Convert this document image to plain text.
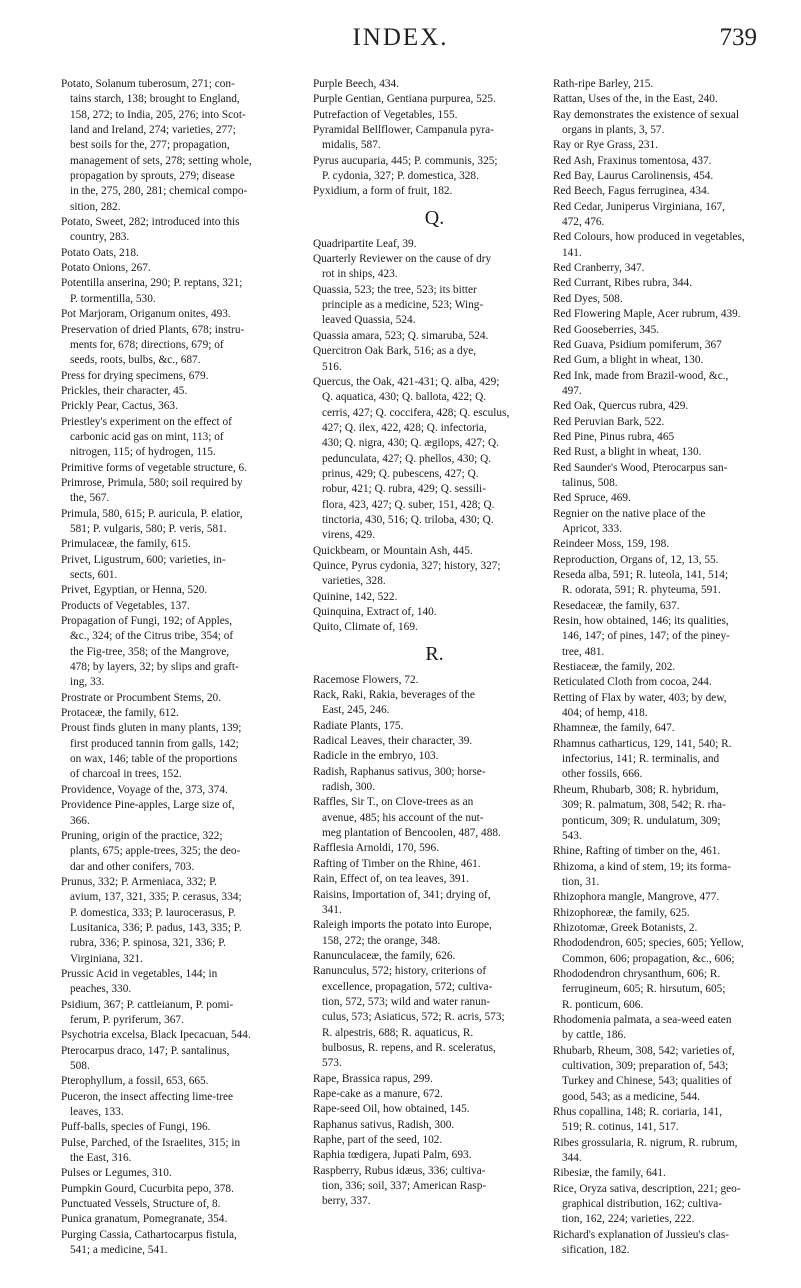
INDEX.	739
Potato, Solanum tuberosum, 271; con-
tains starch, 138; brought to England,
158, 272; to India, 205, 276; into Scot-
land and Ireland, 274; varieties, 277;
best soils for the, 277; propagation,
management of sets, 278; setting whole,
propagation by sprouts, 279; disease
in the, 275, 280, 281; chemical compo-
sition, 282.
Potato, Sweet, 282; introduced into this
country, 283.
Potato Oats, 218.
Potato Onions, 267.
Potentilla anserina, 290; P. reptans, 321;
P. tormentilla, 530.
Pot Marjoram, Origanum onites, 493.
Preservation of dried Plants, 678; instru-
ments for, 678; directions, 679; of
seeds, roots, bulbs, &c., 687.
Press for drying specimens, 679.
Prickles, their character, 45.
Prickly Pear, Cactus, 363.
Priestley's experiment on the effect of
carbonic acid gas on mint, 113; of
nitrogen, 115; of hydrogen, 115.
Primitive forms of vegetable structure, 6.
Primrose, Primula, 580; soil required by
the, 567.
Primula, 580, 615; P. auricula, P. elatior,
581; P. vulgaris, 580; P. veris, 581.
Primulaceæ, the family, 615.
Privet, Ligustrum, 600; varieties, in-
sects, 601.
Privet, Egyptian, or Henna, 520.
Products of Vegetables, 137.
Propagation of Fungi, 192; of Apples,
&c., 324; of the Citrus tribe, 354; of
the Fig-tree, 358; of the Mangrove,
478; by layers, 32; by slips and graft-
ing, 33.
Prostrate or Procumbent Stems, 20.
Protaceæ, the family, 612.
Proust finds gluten in many plants, 139;
first produced tannin from galls, 142;
on wax, 146; table of the proportions
of charcoal in trees, 152.
Providence, Voyage of the, 373, 374.
Providence Pine-apples, Large size of,
366.
Pruning, origin of the practice, 322;
plants, 675; apple-trees, 325; the deo-
dar and other conifers, 703.
Prunus, 332; P. Armeniaca, 332; P.
avium, 137, 321, 335; P. cerasus, 334;
P. domestica, 333; P. laurocerasus, P.
Lusitanica, 336; P. padus, 143, 335; P.
rubra, 336; P. spinosa, 321, 336; P.
Virginiana, 321.
Prussic Acid in vegetables, 144; in
peaches, 330.
Psidium, 367; P. cattleianum, P. pomi-
ferum, P. pyriferum, 367.
Psychotria excelsa, Black Ipecacuan, 544.
Pterocarpus draco, 147; P. santalinus,
508.
Pterophyllum, a fossil, 653, 665.
Puceron, the insect affecting lime-tree
leaves, 133.
Puff-balls, species of Fungi, 196.
Pulse, Parched, of the Israelites, 315; in
the East, 316.
Pulses or Legumes, 310.
Pumpkin Gourd, Cucurbita pepo, 378.
Punctuated Vessels, Structure of, 8.
Punica granatum, Pomegranate, 354.
Purging Cassia, Cathartocarpus fistula,
541; a medicine, 541.
Purple Beech, 434.
Purple Gentian, Gentiana purpurea, 525.
Putrefaction of Vegetables, 155.
Pyramidal Bellflower, Campanula pyra-
midalis, 587.
Pyrus aucuparia, 445; P. communis, 325;
P. cydonia, 327; P. domestica, 328.
Pyxidium, a form of fruit, 182.
Q.
Quadripartite Leaf, 39.
Quarterly Reviewer on the cause of dry
rot in ships, 423.
Quassia, 523; the tree, 523; its bitter
principle as a medicine, 523; Wing-
leaved Quassia, 524.
Quassia amara, 523; Q. simaruba, 524.
Quercitron Oak Bark, 516; as a dye,
516.
Quercus, the Oak, 421-431; Q. alba, 429;
Q. aquatica, 430; Q. ballota, 422; Q.
cerris, 427; Q. coccifera, 428; Q. esculus,
427; Q. ilex, 422, 428; Q. infectoria,
430; Q. nigra, 430; Q. ægilops, 427; Q.
pedunculata, 427; Q. phellos, 430; Q.
prinus, 429; Q. pubescens, 427; Q.
robur, 421; Q. rubra, 429; Q. sessili-
flora, 423, 427; Q. suber, 151, 428; Q.
tinctoria, 430, 516; Q. triloba, 430; Q.
virens, 429.
Quickbeam, or Mountain Ash, 445.
Quince, Pyrus cydonia, 327; history, 327;
varieties, 328.
Quinine, 142, 522.
Quinquina, Extract of, 140.
Quito, Climate of, 169.
R.
Racemose Flowers, 72.
Rack, Raki, Rakia, beverages of the
East, 245, 246.
Radiate Plants, 175.
Radical Leaves, their character, 39.
Radicle in the embryo, 103.
Radish, Raphanus sativus, 300; horse-
radish, 300.
Raffles, Sir T., on Clove-trees as an
avenue, 485; his account of the nut-
meg plantation of Bencoolen, 487, 488.
Rafflesia Arnoldi, 170, 596.
Rafting of Timber on the Rhine, 461.
Rain, Effect of, on tea leaves, 391.
Raisins, Importation of, 341; drying of,
341.
Raleigh imports the potato into Europe,
158, 272; the orange, 348.
Ranunculaceæ, the family, 626.
Ranunculus, 572; history, criterions of
excellence, propagation, 572; cultiva-
tion, 572, 573; wild and water ranun-
culus, 573; Asiaticus, 572; R. acris, 573;
R. alpestris, 688; R. aquaticus, R.
bulbosus, R. repens, and R. sceleratus,
573.
Rape, Brassica rapus, 299.
Rape-cake as a manure, 672.
Rape-seed Oil, how obtained, 145.
Raphanus sativus, Radish, 300.
Raphe, part of the seed, 102.
Raphia tœdigera, Jupati Palm, 693.
Raspberry, Rubus idæus, 336; cultiva-
tion, 336; soil, 337; American Rasp-
berry, 337.
Rath-ripe Barley, 215.
Rattan, Uses of the, in the East, 240.
Ray demonstrates the existence of sexual
organs in plants, 3, 57.
Ray or Rye Grass, 231.
Red Ash, Fraxinus tomentosa, 437.
Red Bay, Laurus Carolinensis, 454.
Red Beech, Fagus ferruginea, 434.
Red Cedar, Juniperus Virginiana, 167,
472, 476.
Red Colours, how produced in vegetables,
141.
Red Cranberry, 347.
Red Currant, Ribes rubra, 344.
Red Dyes, 508.
Red Flowering Maple, Acer rubrum, 439.
Red Gooseberries, 345.
Red Guava, Psidium pomiferum, 367
Red Gum, a blight in wheat, 130.
Red Ink, made from Brazil-wood, &c.,
497.
Red Oak, Quercus rubra, 429.
Red Peruvian Bark, 522.
Red Pine, Pinus rubra, 465
Red Rust, a blight in wheat, 130.
Red Saunder's Wood, Pterocarpus san-
talinus, 508.
Red Spruce, 469.
Regnier on the native place of the
Apricot, 333.
Reindeer Moss, 159, 198.
Reproduction, Organs of, 12, 13, 55.
Reseda alba, 591; R. luteola, 141, 514;
R. odorata, 591; R. phyteuma, 591.
Resedaceæ, the family, 637.
Resin, how obtained, 146; its qualities,
146, 147; of pines, 147; of the piney-
tree, 481.
Restiaceæ, the family, 202.
Reticulated Cloth from cocoa, 244.
Retting of Flax by water, 403; by dew,
404; of hemp, 418.
Rhamneæ, the family, 647.
Rhamnus catharticus, 129, 141, 540; R.
infectorius, 141; R. terminalis, and
other fossils, 666.
Rheum, Rhubarb, 308; R. hybridum,
309; R. palmatum, 308, 542; R. rha-
ponticum, 309; R. undulatum, 309;
543.
Rhine, Rafting of timber on the, 461.
Rhizoma, a kind of stem, 19; its forma-
tion, 31.
Rhizophora mangle, Mangrove, 477.
Rhizophoreæ, the family, 625.
Rhizotomæ, Greek Botanists, 2.
Rhododendron, 605; species, 605; Yellow,
Common, 606; propagation, &c., 606;
Rhododendron chrysanthum, 606; R.
ferrugineum, 605; R. hirsutum, 605;
R. ponticum, 606.
Rhodomenia palmata, a sea-weed eaten
by cattle, 186.
Rhubarb, Rheum, 308, 542; varieties of,
cultivation, 309; preparation of, 543;
Turkey and Chinese, 543; qualities of
good, 543; as a medicine, 544.
Rhus copallina, 148; R. coriaria, 141,
519; R. cotinus, 141, 517.
Ribes grossularia, R. nigrum, R. rubrum,
344.
Ribesiæ, the family, 641.
Rice, Oryza sativa, description, 221; geo-
graphical distribution, 162; cultiva-
tion, 162, 224; varieties, 222.
Richard's explanation of Jussieu's clas-
sification, 182.
